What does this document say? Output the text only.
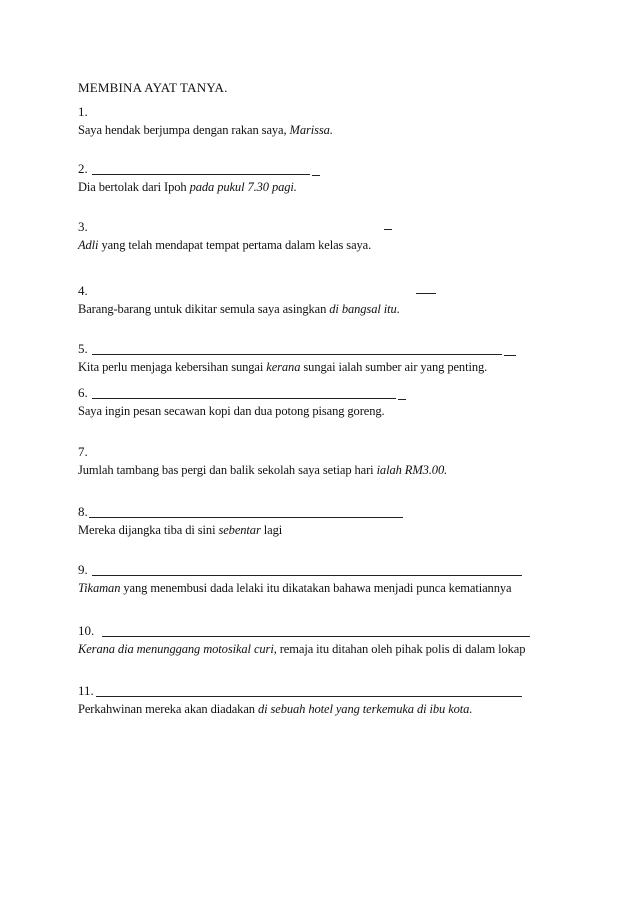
MEMBINA AYAT TANYA.
1.
Saya hendak berjumpa dengan rakan saya, Marissa.
2.
Dia bertolak dari Ipoh pada pukul 7.30 pagi.
3.
Adli yang telah mendapat tempat pertama dalam kelas saya.
4.
Barang-barang untuk dikitar semula saya asingkan di bangsal itu.
5.
Kita perlu menjaga kebersihan sungai kerana sungai ialah sumber air yang penting.
6.
Saya ingin pesan secawan kopi dan dua potong pisang goreng.
7.
Jumlah tambang bas pergi dan balik sekolah saya setiap hari ialah RM3.00.
8.
Mereka dijangka tiba di sini sebentar lagi
9.
Tikaman yang menembusi dada lelaki itu dikatakan bahawa menjadi punca kematiannya
10.
Kerana dia menunggang motosikal curi, remaja itu ditahan oleh pihak polis di dalam lokap
11.
Perkahwinan mereka akan diadakan di sebuah hotel yang terkemuka di ibu kota.
